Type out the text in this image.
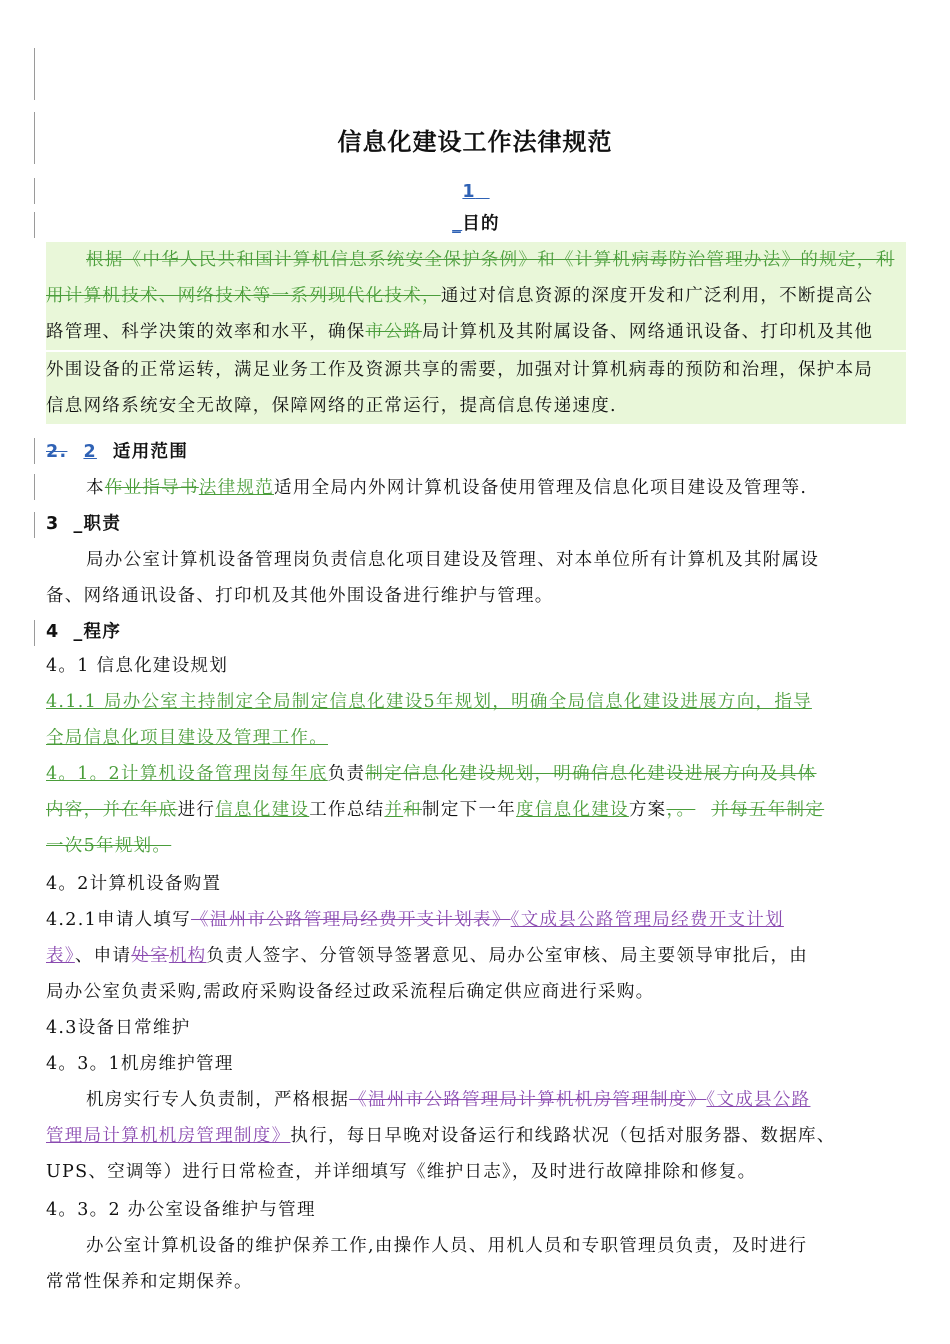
信息化建设工作法律规范
1
_目的
根据《中华人民共和国计算机信息系统安全保护条例》和《计算机病毒防治管理办法》的规定，利
用计算机技术、网络技术等一系列现代化技术，通过对信息资源的深度开发和广泛利用，不断提高公
路管理、科学决策的效率和水平，确保市公路局计算机及其附属设备、网络通讯设备、打印机及其他
外围设备的正常运转，满足业务工作及资源共享的需要，加强对计算机病毒的预防和治理，保护本局
信息网络系统安全无故障，保障网络的正常运行，提高信息传递速度.
2. 2 适用范围
本作业指导书法律规范适用全局内外网计算机设备使用管理及信息化项目建设及管理等.
3 _职责
局办公室计算机设备管理岗负责信息化项目建设及管理、对本单位所有计算机及其附属设
备、网络通讯设备、打印机及其他外围设备进行维护与管理。
4 _程序
4。1 信息化建设规划
4.1.1 局办公室主持制定全局制定信息化建设5年规划，明确全局信息化建设进展方向，指导
全局信息化项目建设及管理工作。
4。1。2计算机设备管理岗每年底负责制定信息化建设规划，明确信息化建设进展方向及具体
内容，并在年底进行信息化建设工作总结并和制定下一年度信息化建设方案，。 并每五年制定
一次5年规划。
4。2计算机设备购置
4.2.1申请人填写《温州市公路管理局经费开支计划表》《文成县公路管理局经费开支计划
表》、申请处室机构负责人签字、分管领导签署意见、局办公室审核、局主要领导审批后，由
局办公室负责采购,需政府采购设备经过政采流程后确定供应商进行采购。
4.3设备日常维护
4。3。1机房维护管理
机房实行专人负责制，严格根据《温州市公路管理局计算机机房管理制度》《文成县公路
管理局计算机机房管理制度》执行，每日早晚对设备运行和线路状况（包括对服务器、数据库、
UPS、空调等）进行日常检查，并详细填写《维护日志》，及时进行故障排除和修复。
4。3。2 办公室设备维护与管理
办公室计算机设备的维护保养工作,由操作人员、用机人员和专职管理员负责，及时进行
常常性保养和定期保养。
